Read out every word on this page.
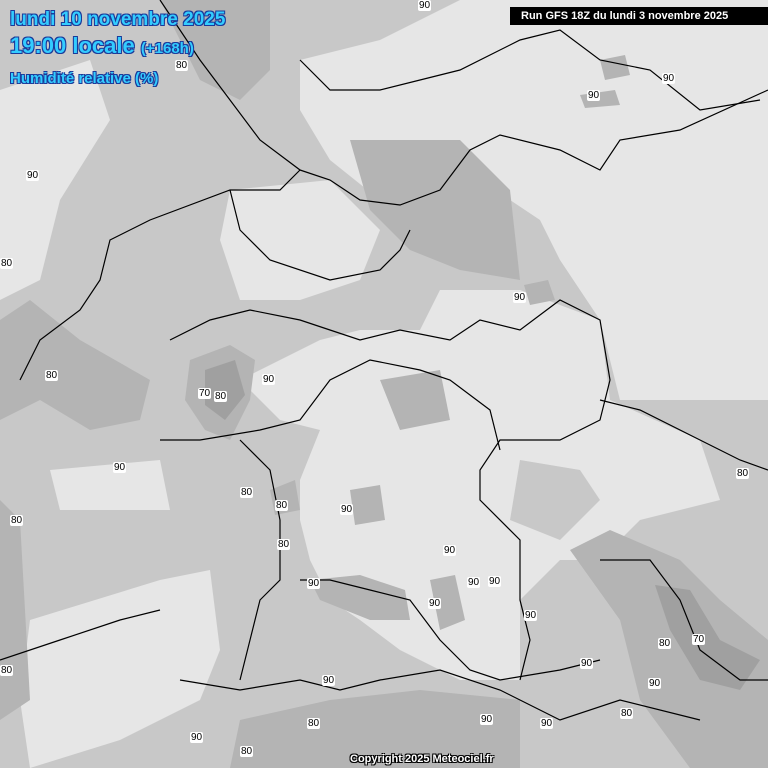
lundi 10 novembre 2025
19:00 locale (+168h)
Humidité relative (%)
Run GFS 18Z du lundi 3 novembre 2025
Copyright 2025 Meteociel.fr
80
90
90
90
90
80
70 80
90
90
80
80
80
80
80
90
90
90
90	90
90
90
90
80
80
70
90
90
80
90
80	90
80
90
90
80
